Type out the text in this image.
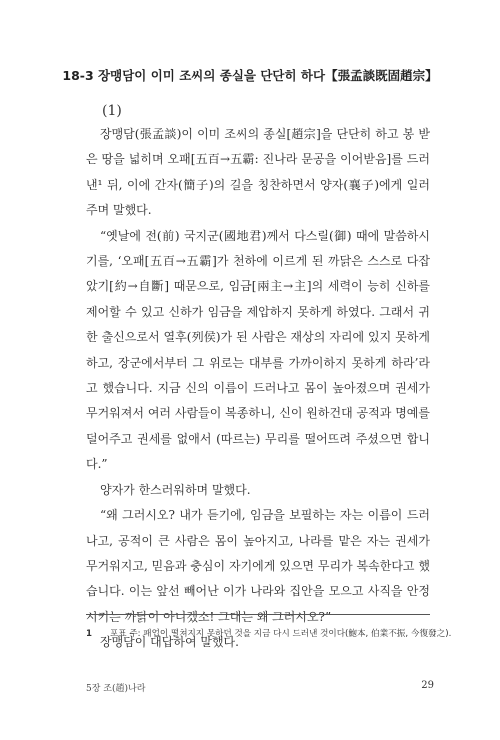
18-3 장맹담이 이미 조씨의 종실을 단단히 하다【張孟談既固趙宗】
(1)

장맹담(張孟談)이 이미 조씨의 종실[趙宗]을 단단히 하고 봉 받은 땅을 넓히며 오패[五百→五霸: 진나라 문공을 이어받음]를 드러낸¹ 뒤, 이에 간자(簡子)의 길을 칭찬하면서 양자(襄子)에게 일러주며 말했다.

“옛날에 전(前) 국지군(國地君)께서 다스릴(御) 때에 말씀하시기를, ‘오패[五百→五霸]가 천하에 이르게 된 까닭은 스스로 다잡았기[約→自斷] 때문으로, 임금[兩主→主]의 세력이 능히 신하를 제어할 수 있고 신하가 임금을 제압하지 못하게 하였다. 그래서 귀한 출신으로서 열후(列侯)가 된 사람은 재상의 자리에 있지 못하게 하고, 장군에서부터 그 위로는 대부를 가까이하지 못하게 하라’라고 했습니다. 지금 신의 이름이 드러나고 몸이 높아졌으며 권세가 무거워져서 여러 사람들이 복종하니, 신이 원하건대 공적과 명예를 덜어주고 권세를 없애서 (따르는) 무리를 떨어뜨려 주셨으면 합니다.”

양자가 한스러워하며 말했다.

“왜 그러시오? 내가 듣기에, 임금을 보필하는 자는 이름이 드러나고, 공적이 큰 사람은 몸이 높아지고, 나라를 맡은 자는 권세가 무거워지고, 믿음과 충심이 자기에게 있으면 무리가 복속한다고 했습니다. 이는 앞선 빼어난 이가 나라와 집안을 모으고 사직을 안정시키는 까닭이 아니겠소! 그대는 왜 그러시오?”

장맹담이 대답하여 말했다.

1 포표 주: 패업이 떨쳐지지 못하던 것을 지금 다시 드러낸 것이다(鮑本, 伯業不振, 今復發之).
5장 조(趙)나라	29
